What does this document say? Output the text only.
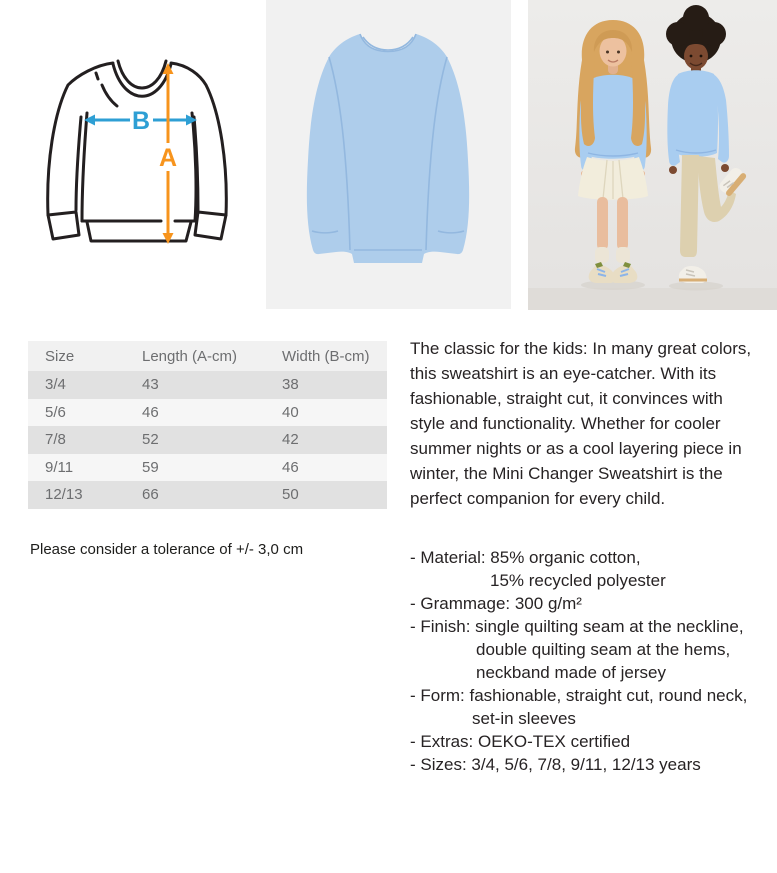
B
A
Size	Length (A-cm)	Width (B-cm)
3/4	43	38
5/6	46	40
7/8	52	42
9/11	59	46
12/13	66	50

Please consider a tolerance of +/- 3,0 cm

The classic for the kids: In many great colors,
this sweatshirt is an eye-catcher. With its
fashionable, straight cut, it convinces with
style and functionality. Whether for cooler
summer nights or as a cool layering piece in
winter, the Mini Changer Sweatshirt is the
perfect companion for every child.
- Material: 85% organic cotton,
15% recycled polyester
- Grammage: 300 g/m²
- Finish: single quilting seam at the neckline,
double quilting seam at the hems,
neckband made of jersey
- Form: fashionable, straight cut, round neck,
set-in sleeves
- Extras: OEKO-TEX certified
- Sizes: 3/4, 5/6, 7/8, 9/11, 12/13 years
